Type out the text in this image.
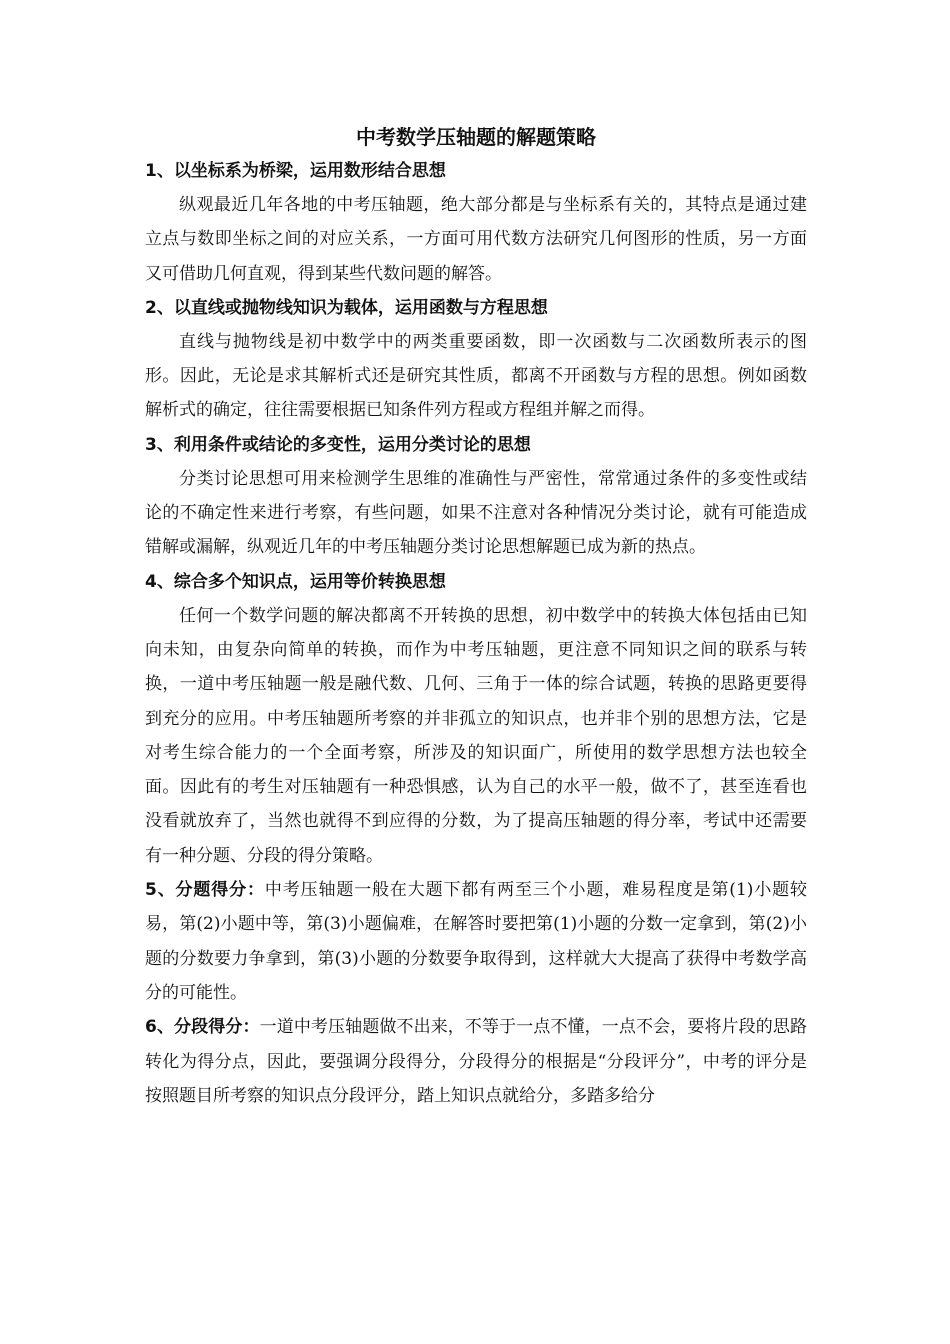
中考数学压轴题的解题策略

1、以坐标系为桥梁，运用数形结合思想

纵观最近几年各地的中考压轴题，绝大部分都是与坐标系有关的，其特点是通过建立点与数即坐标之间的对应关系，一方面可用代数方法研究几何图形的性质，另一方面又可借助几何直观，得到某些代数问题的解答。

2、以直线或抛物线知识为载体，运用函数与方程思想

直线与抛物线是初中数学中的两类重要函数，即一次函数与二次函数所表示的图形。因此，无论是求其解析式还是研究其性质，都离不开函数与方程的思想。例如函数解析式的确定，往往需要根据已知条件列方程或方程组并解之而得。

3、利用条件或结论的多变性，运用分类讨论的思想

分类讨论思想可用来检测学生思维的准确性与严密性，常常通过条件的多变性或结论的不确定性来进行考察，有些问题，如果不注意对各种情况分类讨论，就有可能造成错解或漏解，纵观近几年的中考压轴题分类讨论思想解题已成为新的热点。

4、综合多个知识点，运用等价转换思想

任何一个数学问题的解决都离不开转换的思想，初中数学中的转换大体包括由已知向未知，由复杂向简单的转换，而作为中考压轴题，更注意不同知识之间的联系与转换，一道中考压轴题一般是融代数、几何、三角于一体的综合试题，转换的思路更要得到充分的应用。中考压轴题所考察的并非孤立的知识点，也并非个别的思想方法，它是对考生综合能力的一个全面考察，所涉及的知识面广，所使用的数学思想方法也较全面。因此有的考生对压轴题有一种恐惧感，认为自己的水平一般，做不了，甚至连看也没看就放弃了，当然也就得不到应得的分数，为了提高压轴题的得分率，考试中还需要有一种分题、分段的得分策略。

5、分题得分：中考压轴题一般在大题下都有两至三个小题，难易程度是第(1)小题较易，第(2)小题中等，第(3)小题偏难，在解答时要把第(1)小题的分数一定拿到，第(2)小题的分数要力争拿到，第(3)小题的分数要争取得到，这样就大大提高了获得中考数学高分的可能性。

6、分段得分：一道中考压轴题做不出来，不等于一点不懂，一点不会，要将片段的思路转化为得分点，因此，要强调分段得分，分段得分的根据是“分段评分”，中考的评分是按照题目所考察的知识点分段评分，踏上知识点就给分，多踏多给分
